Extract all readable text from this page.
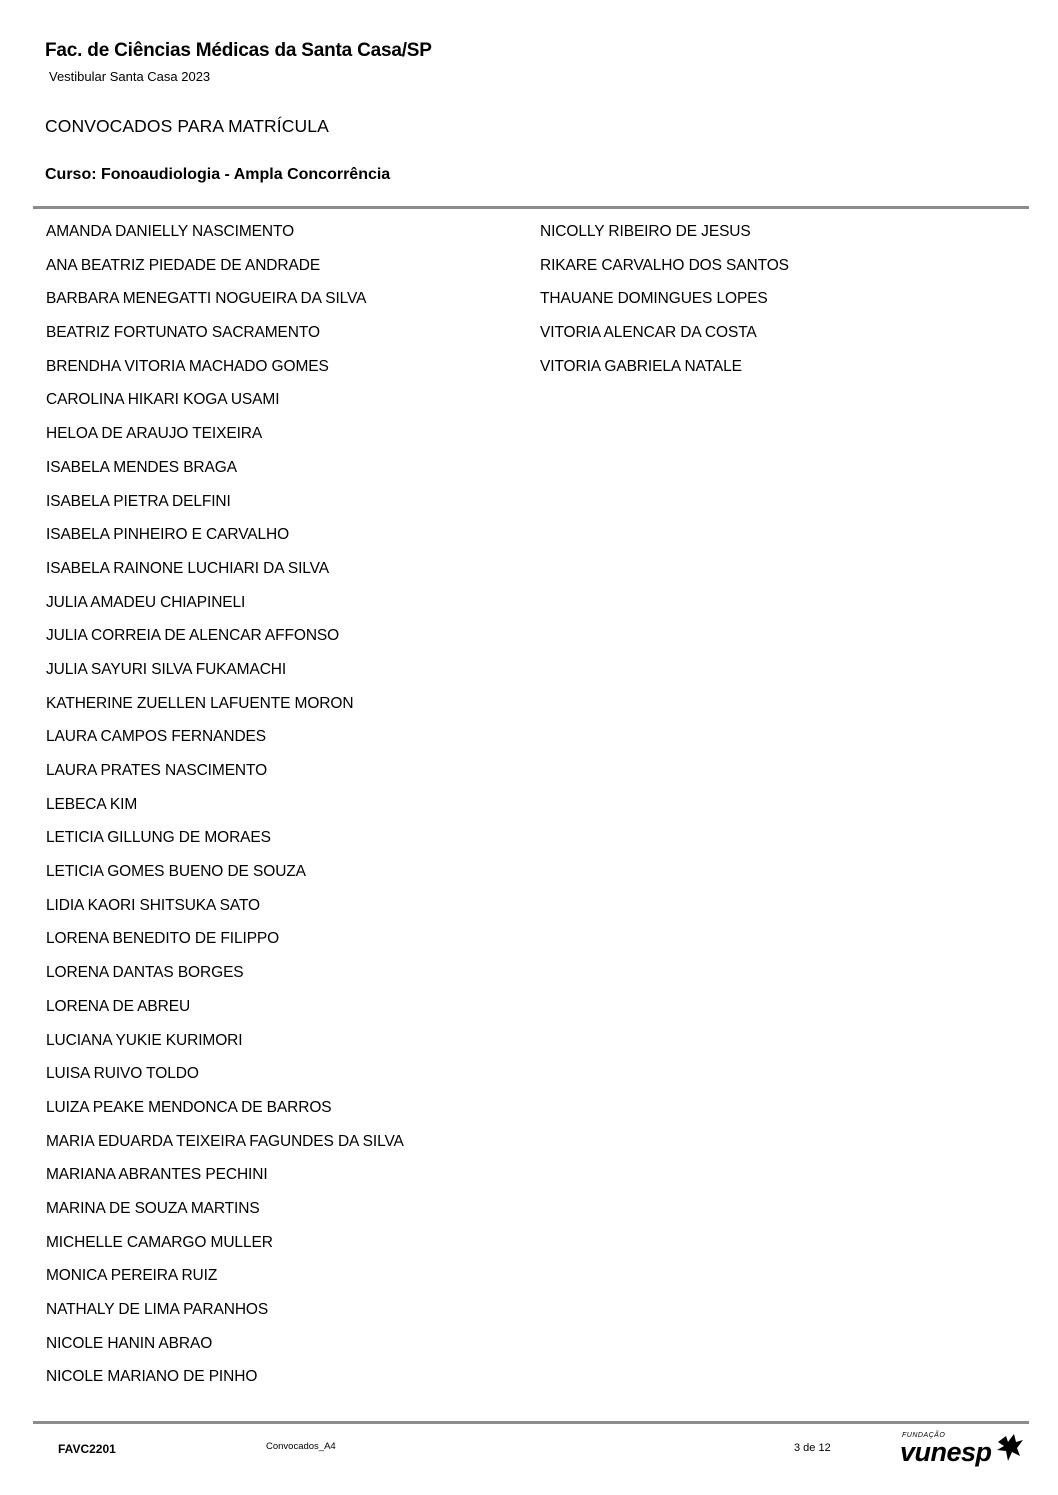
Fac. de Ciências Médicas da Santa Casa/SP
Vestibular Santa Casa 2023
CONVOCADOS PARA MATRÍCULA
Curso: Fonoaudiologia - Ampla Concorrência
AMANDA DANIELLY NASCIMENTO
ANA BEATRIZ PIEDADE DE ANDRADE
BARBARA MENEGATTI NOGUEIRA DA SILVA
BEATRIZ FORTUNATO SACRAMENTO
BRENDHA VITORIA MACHADO GOMES
CAROLINA HIKARI KOGA USAMI
HELOA DE ARAUJO TEIXEIRA
ISABELA MENDES BRAGA
ISABELA PIETRA DELFINI
ISABELA PINHEIRO E CARVALHO
ISABELA RAINONE LUCHIARI DA SILVA
JULIA AMADEU CHIAPINELI
JULIA CORREIA DE ALENCAR AFFONSO
JULIA SAYURI SILVA FUKAMACHI
KATHERINE ZUELLEN LAFUENTE MORON
LAURA CAMPOS FERNANDES
LAURA PRATES NASCIMENTO
LEBECA KIM
LETICIA GILLUNG DE MORAES
LETICIA GOMES BUENO DE SOUZA
LIDIA KAORI SHITSUKA SATO
LORENA BENEDITO DE FILIPPO
LORENA DANTAS BORGES
LORENA DE ABREU
LUCIANA YUKIE KURIMORI
LUISA RUIVO TOLDO
LUIZA PEAKE MENDONCA DE BARROS
MARIA EDUARDA TEIXEIRA FAGUNDES DA SILVA
MARIANA ABRANTES PECHINI
MARINA DE SOUZA MARTINS
MICHELLE CAMARGO MULLER
MONICA PEREIRA RUIZ
NATHALY DE LIMA PARANHOS
NICOLE HANIN ABRAO
NICOLE MARIANO DE PINHO
NICOLLY RIBEIRO DE JESUS
RIKARE CARVALHO DOS SANTOS
THAUANE DOMINGUES LOPES
VITORIA ALENCAR DA COSTA
VITORIA GABRIELA NATALE
FAVC2201	Convocados_A4	3 de 12
FUNDAÇÃO
vunesp
